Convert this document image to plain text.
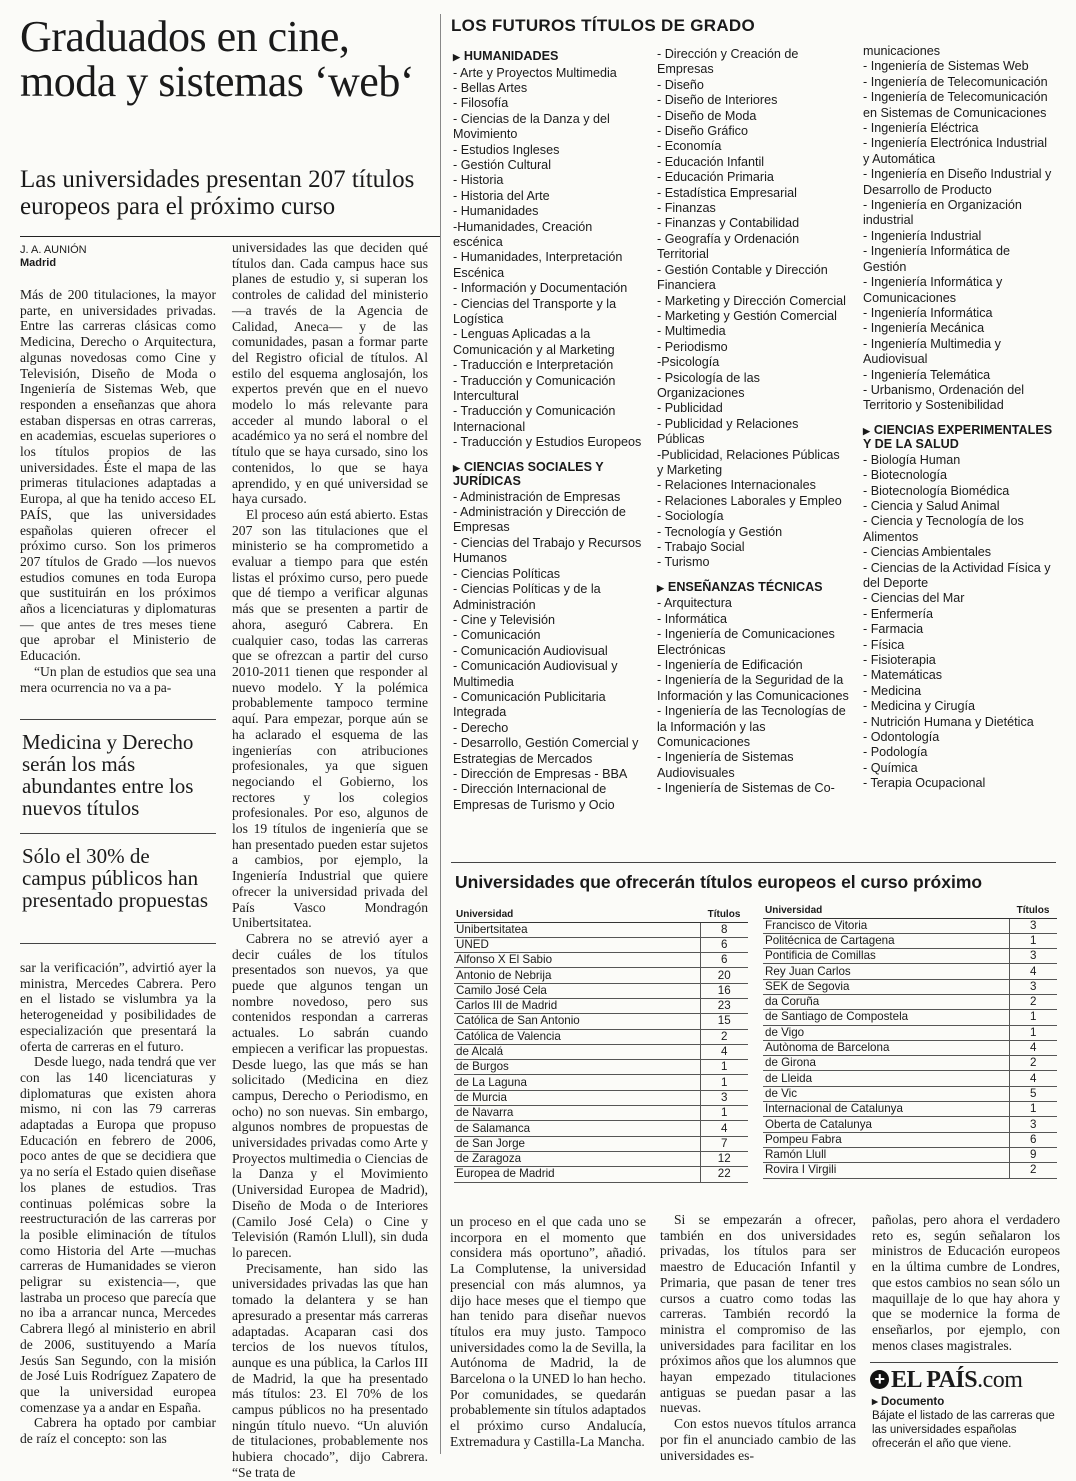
Graduados en cine, moda y sistemas ‘web‘
Las universidades presentan 207 títulos europeos para el próximo curso
J. A. AUNIÓN
Madrid

Más de 200 titulaciones, la mayor parte, en universidades privadas. Entre las carreras clásicas como Medicina, Derecho o Arquitectura, algunas novedosas como Cine y Televisión, Diseño de Moda o Ingeniería de Sistemas Web, que responden a enseñanzas que ahora estaban dispersas en otras carreras, en academias, escuelas superiores o los títulos propios de las universidades. Éste el mapa de las primeras titulaciones adaptadas a Europa, al que ha tenido acceso EL PAÍS, que las universidades españolas quieren ofrecer el próximo curso. Son los primeros 207 títulos de Grado —los nuevos estudios comunes en toda Europa que sustituirán en los próximos años a licenciaturas y diplomaturas— que antes de tres meses tiene que aprobar el Ministerio de Educación.

“Un plan de estudios que sea una mera ocurrencia no va a pa-

Medicina y Derecho serán los más abundantes entre los nuevos títulos
Sólo el 30% de campus públicos han presentado propuestas

sar la verificación”, advirtió ayer la ministra, Mercedes Cabrera. Pero en el listado se vislumbra ya la heterogeneidad y posibilidades de especialización que presentará la oferta de carreras en el futuro.

Desde luego, nada tendrá que ver con las 140 licenciaturas y diplomaturas que existen ahora mismo, ni con las 79 carreras adaptadas a Europa que propuso Educación en febrero de 2006, poco antes de que se decidiera que ya no sería el Estado quien diseñase los planes de estudios. Tras continuas polémicas sobre la reestructuración de las carreras por la posible eliminación de títulos como Historia del Arte —muchas carreras de Humanidades se vieron peligrar su existencia—, que lastraba un proceso que parecía que no iba a arrancar nunca, Mercedes Cabrera llegó al ministerio en abril de 2006, sustituyendo a María Jesús San Segundo, con la misión de José Luis Rodríguez Zapatero de que la universidad europea comenzase ya a andar en España.

Cabrera ha optado por cambiar de raíz el concepto: son las

universidades las que deciden qué títulos dan. Cada campus hace sus planes de estudio y, si superan los controles de calidad del ministerio —a través de la Agencia de Calidad, Aneca— y de las comunidades, pasan a formar parte del Registro oficial de títulos. Al estilo del esquema anglosajón, los expertos prevén que en el nuevo modelo lo más relevante para acceder al mundo laboral o el académico ya no será el nombre del título que se haya cursado, sino los contenidos, lo que se haya aprendido, y en qué universidad se haya cursado.

El proceso aún está abierto. Estas 207 son las titulaciones que el ministerio se ha comprometido a evaluar a tiempo para que estén listas el próximo curso, pero puede que dé tiempo a verificar algunas más que se presenten a partir de ahora, aseguró Cabrera. En cualquier caso, todas las carreras que se ofrezcan a partir del curso 2010-2011 tienen que responder al nuevo modelo. Y la polémica probablemente tampoco termine aquí. Para empezar, porque aún se ha aclarado el esquema de las ingenierías con atribuciones profesionales, ya que siguen negociando el Gobierno, los rectores y los colegios profesionales. Por eso, algunos de los 19 títulos de ingeniería que se han presentado pueden estar sujetos a cambios, por ejemplo, la Ingeniería Industrial que quiere ofrecer la universidad privada del País Vasco Mondragón Unibertsitatea.

Cabrera no se atrevió ayer a decir cuáles de los títulos presentados son nuevos, ya que puede que algunos tengan un nombre novedoso, pero sus contenidos respondan a carreras actuales. Lo sabrán cuando empiecen a verificar las propuestas. Desde luego, las que más se han solicitado (Medicina en diez campus, Derecho o Periodismo, en ocho) no son nuevas. Sin embargo, algunos nombres de propuestas de universidades privadas como Arte y Proyectos multimedia o Ciencias de la Danza y el Movimiento (Universidad Europea de Madrid), Diseño de Moda o de Interiores (Camilo José Cela) o Cine y Televisión (Ramón Llull), sin duda lo parecen.

Precisamente, han sido las universidades privadas las que han tomado la delantera y se han apresurado a presentar más carreras adaptadas. Acaparan casi dos tercios de los nuevos títulos, aunque es una pública, la Carlos III de Madrid, la que ha presentado más títulos: 23. El 70% de los campus públicos no ha presentado ningún título nuevo. “Un aluvión de titulaciones, probablemente nos hubiera chocado”, dijo Cabrera. “Se trata de

LOS FUTUROS TÍTULOS DE GRADO
▶ HUMANIDADES
- Arte y Proyectos Multimedia
- Bellas Artes
- Filosofía
- Ciencias de la Danza y del Movimiento
- Estudios Ingleses
- Gestión Cultural
- Historia
- Historia del Arte
- Humanidades
-Humanidades, Creación escénica
- Humanidades, Interpretación Escénica
- Información y Documentación
- Ciencias del Transporte y la Logística
- Lenguas Aplicadas a la Comunicación y al Marketing
- Traducción e Interpretación
- Traducción y Comunicación Intercultural
- Traducción y Comunicación Internacional
- Traducción y Estudios Europeos
▶ CIENCIAS SOCIALES Y JURÍDICAS
- Administración de Empresas
- Administración y Dirección de Empresas
- Ciencias del Trabajo y Recursos Humanos
- Ciencias Políticas
- Ciencias Políticas y de la Administración
- Cine y Televisión
- Comunicación
- Comunicación Audiovisual
- Comunicación Audiovisual y Multimedia
- Comunicación Publicitaria Integrada
- Derecho
- Desarrollo, Gestión Comercial y Estrategias de Mercados
- Dirección de Empresas - BBA
- Dirección Internacional de Empresas de Turismo y Ocio
- Dirección y Creación de Empresas
- Diseño
- Diseño de Interiores
- Diseño de Moda
- Diseño Gráfico
- Economía
- Educación Infantil
- Educación Primaria
- Estadística Empresarial
- Finanzas
- Finanzas y Contabilidad
- Geografía y Ordenación Territorial
- Gestión Contable y Dirección Financiera
- Marketing y Dirección Comercial
- Marketing y Gestión Comercial
- Multimedia
- Periodismo
-Psicología
- Psicología de las Organizaciones
- Publicidad
- Publicidad y Relaciones Públicas
-Publicidad, Relaciones Públicas y Marketing
- Relaciones Internacionales
- Relaciones Laborales y Empleo
- Sociología
- Tecnología y Gestión
- Trabajo Social
- Turismo
▶ ENSEÑANZAS TÉCNICAS
- Arquitectura
- Informática
- Ingeniería de Comunicaciones Electrónicas
- Ingeniería de Edificación
- Ingeniería de la Seguridad de la Información y las Comunicaciones
- Ingeniería de las Tecnologías de la Información y las Comunicaciones
- Ingeniería de Sistemas Audiovisuales
- Ingeniería de Sistemas de Co-
municaciones
- Ingeniería de Sistemas Web
- Ingeniería de Telecomunicación
- Ingeniería de Telecomunicación en Sistemas de Comunicaciones
- Ingeniería Eléctrica
- Ingeniería Electrónica Industrial y Automática
- Ingeniería en Diseño Industrial y Desarrollo de Producto
- Ingeniería en Organización industrial
- Ingeniería Industrial
- Ingeniería Informática de Gestión
- Ingeniería Informática y Comunicaciones
- Ingeniería Informática
- Ingeniería Mecánica
- Ingeniería Multimedia y Audiovisual
- Ingeniería Telemática
- Urbanismo, Ordenación del Territorio y Sostenibilidad
▶ CIENCIAS EXPERIMENTALES Y DE LA SALUD
- Biología Human
- Biotecnología
- Biotecnología Biomédica
- Ciencia y Salud Animal
- Ciencia y Tecnología de los Alimentos
- Ciencias Ambientales
- Ciencias de la Actividad Física y del Deporte
- Ciencias del Mar
- Enfermería
- Farmacia
- Física
- Fisioterapia
- Matemáticas
- Medicina
- Medicina y Cirugía
- Nutrición Humana y Dietética
- Odontología
- Podología
- Química
- Terapia Ocupacional
Universidades que ofrecerán títulos europeos el curso próximo
Universidad	Títulos
Unibertsitatea	8
UNED	6
Alfonso X El Sabio	6
Antonio de Nebrija	20
Camilo José Cela	16
Carlos III de Madrid	23
Católica de San Antonio	15
Católica de Valencia	2
de Alcalá	4
de Burgos	1
de La Laguna	1
de Murcia	3
de Navarra	1
de Salamanca	4
de San Jorge	7
de Zaragoza	12
Europea de Madrid	22
Universidad	Títulos
Francisco de Vitoria	3
Politécnica de Cartagena	1
Pontificia de Comillas	3
Rey Juan Carlos	4
SEK de Segovia	3
da Coruña	2
de Santiago de Compostela	1
de Vigo	1
Autònoma de Barcelona	4
de Girona	2
de Lleida	4
de Vic	5
Internacional de Catalunya	1
Oberta de Catalunya	3
Pompeu Fabra	6
Ramón Llull	9
Rovira I Virgili	2

un proceso en el que cada uno se incorpora en el momento que considera más oportuno”, añadió. La Complutense, la universidad presencial con más alumnos, ya dijo hace meses que el tiempo que han tenido para diseñar nuevos títulos era muy justo. Tampoco universidades como la de Sevilla, la Autónoma de Madrid, la de Barcelona o la UNED lo han hecho. Por comunidades, se quedarán probablemente sin títulos adaptados el próximo curso Andalucía, Extremadura y Castilla-La Mancha.

Si se empezarán a ofrecer, también en dos universidades privadas, los títulos para ser maestro de Educación Infantil y Primaria, que pasan de tener tres cursos a cuatro como todas las carreras. También recordó la ministra el compromiso de las universidades para facilitar en los próximos años que los alumnos que hayan empezado titulaciones antiguas se puedan pasar a las nuevas.

Con estos nuevos títulos arranca por fin el anunciado cambio de las universidades es-

pañolas, pero ahora el verdadero reto es, según señalaron los ministros de Educación europeos en la última cumbre de Londres, que estos cambios no sean sólo un maquillaje de lo que hay ahora y que se modernice la forma de enseñarlos, por ejemplo, con menos clases magistrales.

+ EL PAÍS.com
▸ Documento
Bájate el listado de las carreras que las universidades españolas ofrecerán el año que viene.
